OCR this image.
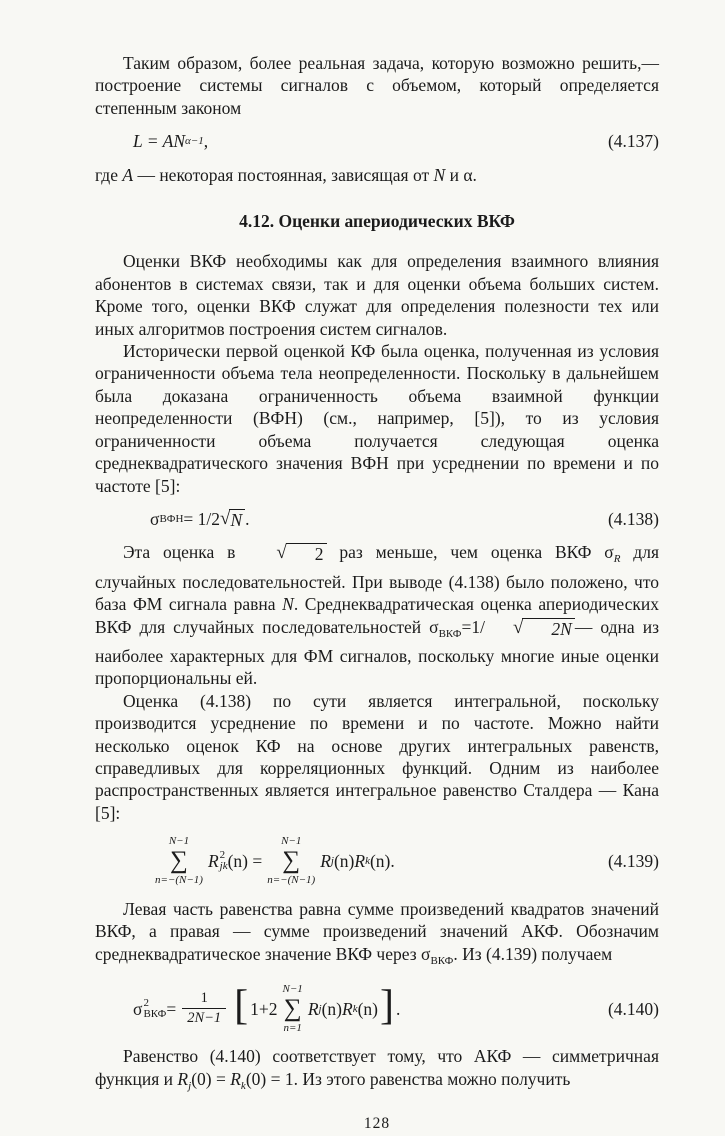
Таким образом, более реальная задача, которую возможно решить,— построение системы сигналов с объемом, который определяется степенным законом

L = AN α−1 ,	(4.137)

где A — некоторая постоянная, зависящая от N и α.

4.12. Оценки апериодических ВКФ

Оценки ВКФ необходимы как для определения взаимного влияния абонентов в системах связи, так и для оценки объема больших систем. Кроме того, оценки ВКФ служат для определения полезности тех или иных алгоритмов построения систем сигналов.

Исторически первой оценкой КФ была оценка, полученная из условия ограниченности объема тела неопределенности. Поскольку в дальнейшем была доказана ограниченность объема взаимной функции неопределенности (ВФН) (см., например, [5]), то из условия ограниченности объема получается следующая оценка среднеквадратического значения ВФН при усреднении по времени и по частоте [5]:

σ ВФН = 1/2 √ N .	(4.138)

Эта оценка в	√	2 раз меньше, чем оценка ВКФ $\sigma_R$ для случайных последовательностей. При выводе (4.138) было положено, что база ФМ сигнала равна N. Среднеквадратическая оценка апериодических ВКФ для случайных последовательностей $\sigma_{ВКФ}=1/$	√	2N — одна из наиболее характерных для ФМ сигналов, поскольку многие иные оценки пропорциональны ей.

Оценка (4.138) по сути является интегральной, поскольку производится усреднение по времени и по частоте. Можно найти несколько оценок КФ на основе других интегральных равенств, справедливых для корреляционных функций. Одним из наиболее распространственных является интегральное равенство Сталдера — Кана [5]:

N−1
∑
n=−(N−1)
R 2
jk (n) =
N−1
∑
n=−(N−1)
R j (n) R k (n).	(4.139)

Левая часть равенства равна сумме произведений квадратов значений ВКФ, а правая — сумме произведений значений АКФ. Обозначим среднеквадратическое значение ВКФ через $\sigma_{ВКФ}$. Из (4.139) получаем

σ 2
ВКФ = $\frac{1}{2N-1}$ [ 1+2
N−1
∑
n=1
R j (n) R k (n) ] .	(4.140)

Равенство (4.140) соответствует тому, что АКФ — симметричная функция и $R_j(0) = R_k(0) = 1$. Из этого равенства можно получить

128
